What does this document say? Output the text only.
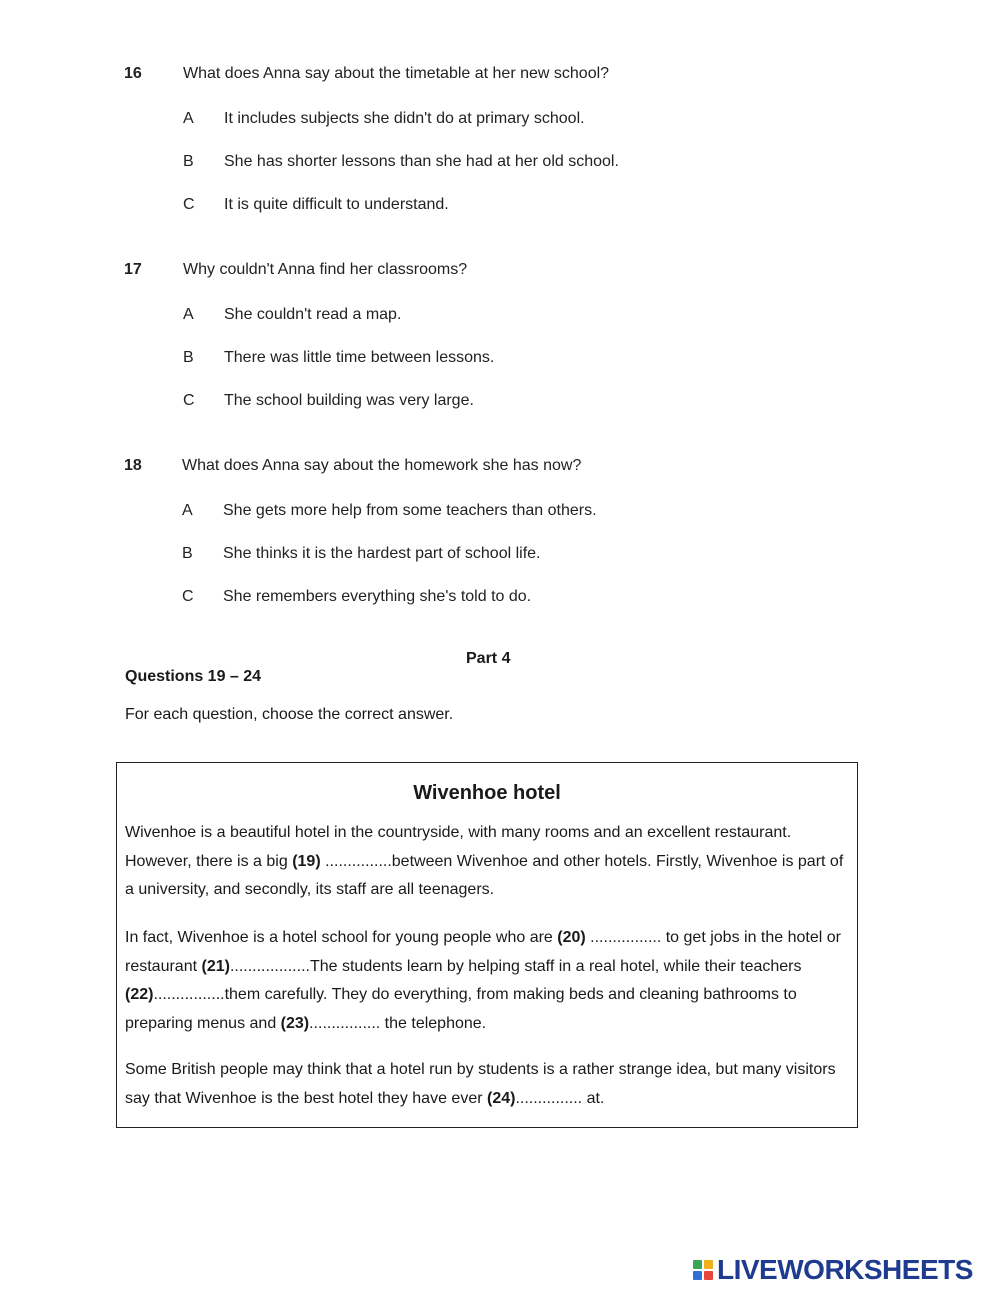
16	What does Anna say about the timetable at her new school?
A It includes subjects she didn't do at primary school.
B She has shorter lessons than she had at her old school.
C It is quite difficult to understand.
17	Why couldn't Anna find her classrooms?
A She couldn't read a map.
B There was little time between lessons.
C The school building was very large.
18	What does Anna say about the homework she has now?
A She gets more help from some teachers than others.
B She thinks it is the hardest part of school life.
C She remembers everything she's told to do.
Part 4
Questions 19 – 24
For each question, choose the correct answer.
Wivenhoe hotel
Wivenhoe is a beautiful hotel in the countryside, with many rooms and an excellent restaurant. However, there is a big (19) ...............between Wivenhoe and other hotels. Firstly, Wivenhoe is part of a university, and secondly, its staff are all teenagers.
In fact, Wivenhoe is a hotel school for young people who are (20) ................ to get jobs in the hotel or restaurant (21)..................The students learn by helping staff in a real hotel, while their teachers (22)................them carefully. They do everything, from making beds and cleaning bathrooms to preparing menus and (23)................ the telephone.
Some British people may think that a hotel run by students is a rather strange idea, but many visitors say that Wivenhoe is the best hotel they have ever (24)............... at.
LIVEWORKSHEETS
